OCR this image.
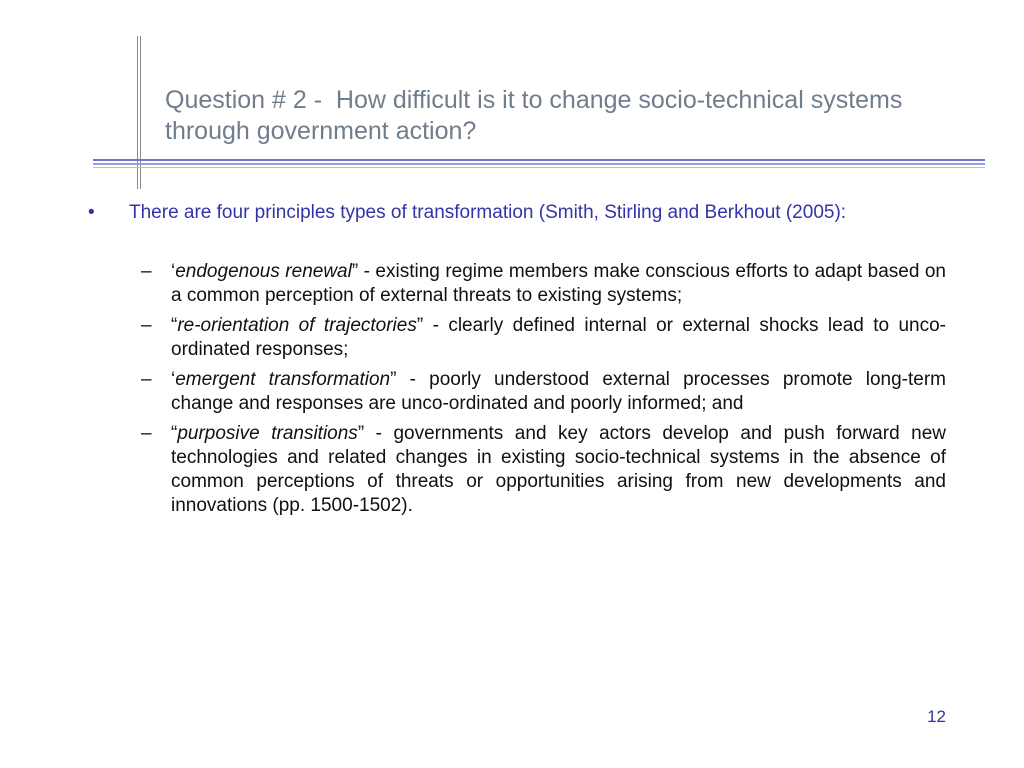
Question # 2 -  How difficult is it to change socio-technical systems through government action?
•	There are four principles types of transformation (Smith, Stirling and Berkhout (2005):
–	‘endogenous renewal” - existing regime members make conscious efforts to adapt based on a common perception of external threats to existing systems;
–	“re-orientation of trajectories” - clearly defined internal or external shocks lead to unco-ordinated responses;
–	‘emergent transformation” - poorly understood external processes promote long-term change and responses are unco-ordinated and poorly informed; and
–	“purposive transitions” - governments and key actors develop and push forward new technologies and related changes in existing socio-technical systems in the absence of common perceptions of threats or opportunities arising from new developments and innovations (pp. 1500-1502).
12
